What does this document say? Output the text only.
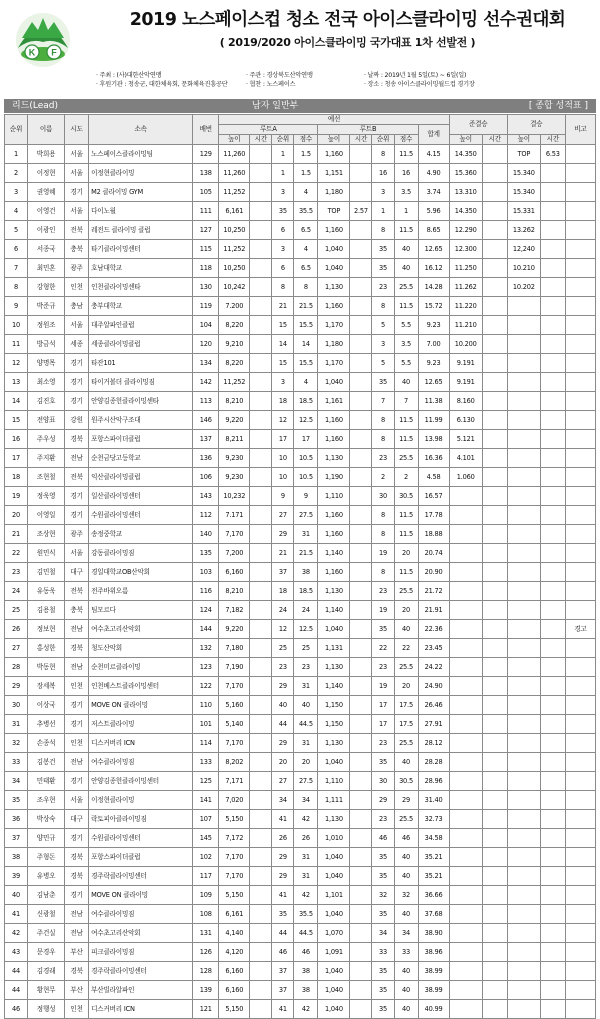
K F
2019 노스페이스컵 청소 전국 아이스클라이밍 선수권대회
( 2019/2020 아이스클라이밍 국가대표 1차 선발전 )
· 주최 : (사)대한산악연맹	· 주관 : 경상북도산악연맹	· 날짜 : 2019년 1월 5일(토) ~ 6일(일)
· 후원기관 : 청송군, 대한체육회, 문화체육진흥공단	· 협찬 : 노스페이스	· 장소 : 청송 아이스클라이밍월드컵 경기장
리드(Lead)	남자 일반부	[ 종합 성적표 ]
순위	이름	시도	소속	배번	예선									준결승		결승		비고
					루트A				루트B				합계					
					높이	시간	순위	점수	높이	시간	순위	점수		높이	시간	높이	시간	
1	박희용	서울	노스페이스클라이밍팀	129	11,260		1	1.5	1,160		8	11.5	4.15	14.350		TOP	6.53	
2	이정현	서울	이정현클라이밍	138	11,260		1	1.5	1,151		16	16	4.90	15.360		15.340		
3	권영혜	경기	M2 클라이밍 GYM	105	11,252		3	4	1,180		3	3.5	3.74	13.310		15.340		
4	이영건	서울	다이노월	111	6,161		35	35.5	TOP	2.57	1	1	5.96	14.350		15.331		
5	이광인	전북	레전드 클라이밍 클럽	127	10,250		6	6.5	1,160		8	11.5	8.65	12.290		13.262		
6	서종국	충북	타기클라이밍센터	115	11,252		3	4	1,040		35	40	12.65	12.300		12,240		
7	최민혼	광주	호남대학교	118	10,250		6	6.5	1,040		35	40	16.12	11.250		10.210		
8	강형한	인천	인천클라이밍센타	130	10,242		8	8	1,130		23	25.5	14.28	11.262		10.202		
9	박준규	충남	충부대학교	119	7.200		21	21.5	1,160		8	11.5	15.72	11.220				
10	정원조	서울	대주알파인클럽	104	8,220		15	15.5	1,170		5	5.5	9.23	11.210				
11	방금석	세종	세종클라이밍클럽	120	9,210		14	14	1,180		3	3.5	7.00	10.200				
12	양명목	경기	타잔101	134	8,220		15	15.5	1,170		5	5.5	9.23	9.191				
13	최소영	경기	타이거볼더 클라이밍짐	142	11,252		3	4	1,040		35	40	12.65	9.191				
14	김진호	경기	안양김종헌클라이밍센타	113	8,210		18	18.5	1,161		7	7	11.38	8.160				
15	전양표	강원	원주시산악구조대	146	9,220		12	12.5	1,160		8	11.5	11.99	6.130				
16	주우성	경북	포항스파이더클럽	137	8,211		17	17	1,160		8	11.5	13.98	5.121				
17	주지환	전남	순천금당고등학교	136	9,230		10	10.5	1,130		23	25.5	16.36	4.101				
18	조현철	전북	익산클라이밍클럽	106	9,230		10	10.5	1,190		2	2	4.58	1.060				
19	정욱영	경기	일산클라이밍센터	143	10,232		9	9	1,110		30	30.5	16.57					
20	이영일	경기	수원클라이밍센터	112	7.171		27	27.5	1,160		8	11.5	17.78					
21	조상현	광주	송정중학교	140	7,170		29	31	1,160		8	11.5	18.88					
22	원민식	서울	강동클라이밍짐	135	7,200		21	21.5	1,140		19	20	20.74					
23	김민철	대구	경일대학교OB산악회	103	6,160		37	38	1,160		8	11.5	20.90					
24	유동욱	전북	전주바위오름	116	8,210		18	18.5	1,130		23	25.5	21.72					
25	김용철	충북	팀모르다	124	7,182		24	24	1,140		19	20	21.91					
26	정보현	전남	여수초고리산악회	144	9,220		12	12.5	1,040		35	40	22.36					경고
27	홍성한	경북	청도산악회	132	7,180		25	25	1,131		22	22	23.45					
28	박동현	전남	순천미르클라이밍	123	7,190		23	23	1,130		23	25.5	24.22					
29	장세복	인천	인천베스트클라이밍센터	122	7,170		29	31	1,140		19	20	24.90					
30	이상국	경기	MOVE ON 클라이밍	110	5,160		40	40	1,150		17	17.5	26.46					
31	추병선	경기	저스트클라이밍	101	5,140		44	44.5	1,150		17	17.5	27.91					
32	손종석	인천	디스커버리 ICN	114	7,170		29	31	1,130		23	25.5	28.12					
33	김봉건	전남	여수클라이밍짐	133	8,202		20	20	1,040		35	40	28.28					
34	민태환	경기	안양김종헌클라이밍센터	125	7,171		27	27.5	1,110		30	30.5	28.96					
35	조우현	서울	이정현클라이밍	141	7,020		34	34	1,111		29	29	31.40					
36	박상숙	대구	락토피아클라이밍짐	107	5,150		41	42	1,130		23	25.5	32.73					
37	양민규	경기	수원클라이밍센터	145	7,172		26	26	1,010		46	46	34.58					
38	주형돈	경북	포항스파이더클럽	102	7,170		29	31	1,040		35	40	35.21					
39	유병오	경북	경주락클라이밍센터	117	7,170		29	31	1,040		35	40	35.21					
40	김남춘	경기	MOVE ON 클라이밍	109	5,150		41	42	1,101		32	32	36.66					
41	신광철	전남	여수클라이밍짐	108	6,161		35	35.5	1,040		35	40	37.68					
42	주건실	전남	여수초고리산악회	131	4,140		44	44.5	1,070		34	34	38.90					
43	문경우	부산	피크클라이밍짐	126	4,120		46	46	1,091		33	33	38.96					
44	김경래	경북	경주락클라이밍센터	128	6,160		37	38	1,040		35	40	38.99					
44	황현무	부산	부산빌라알파인	139	6,160		37	38	1,040		35	40	38.99					
46	정행성	인천	디스커버리 ICN	121	5,150		41	42	1,040		35	40	40.99					
